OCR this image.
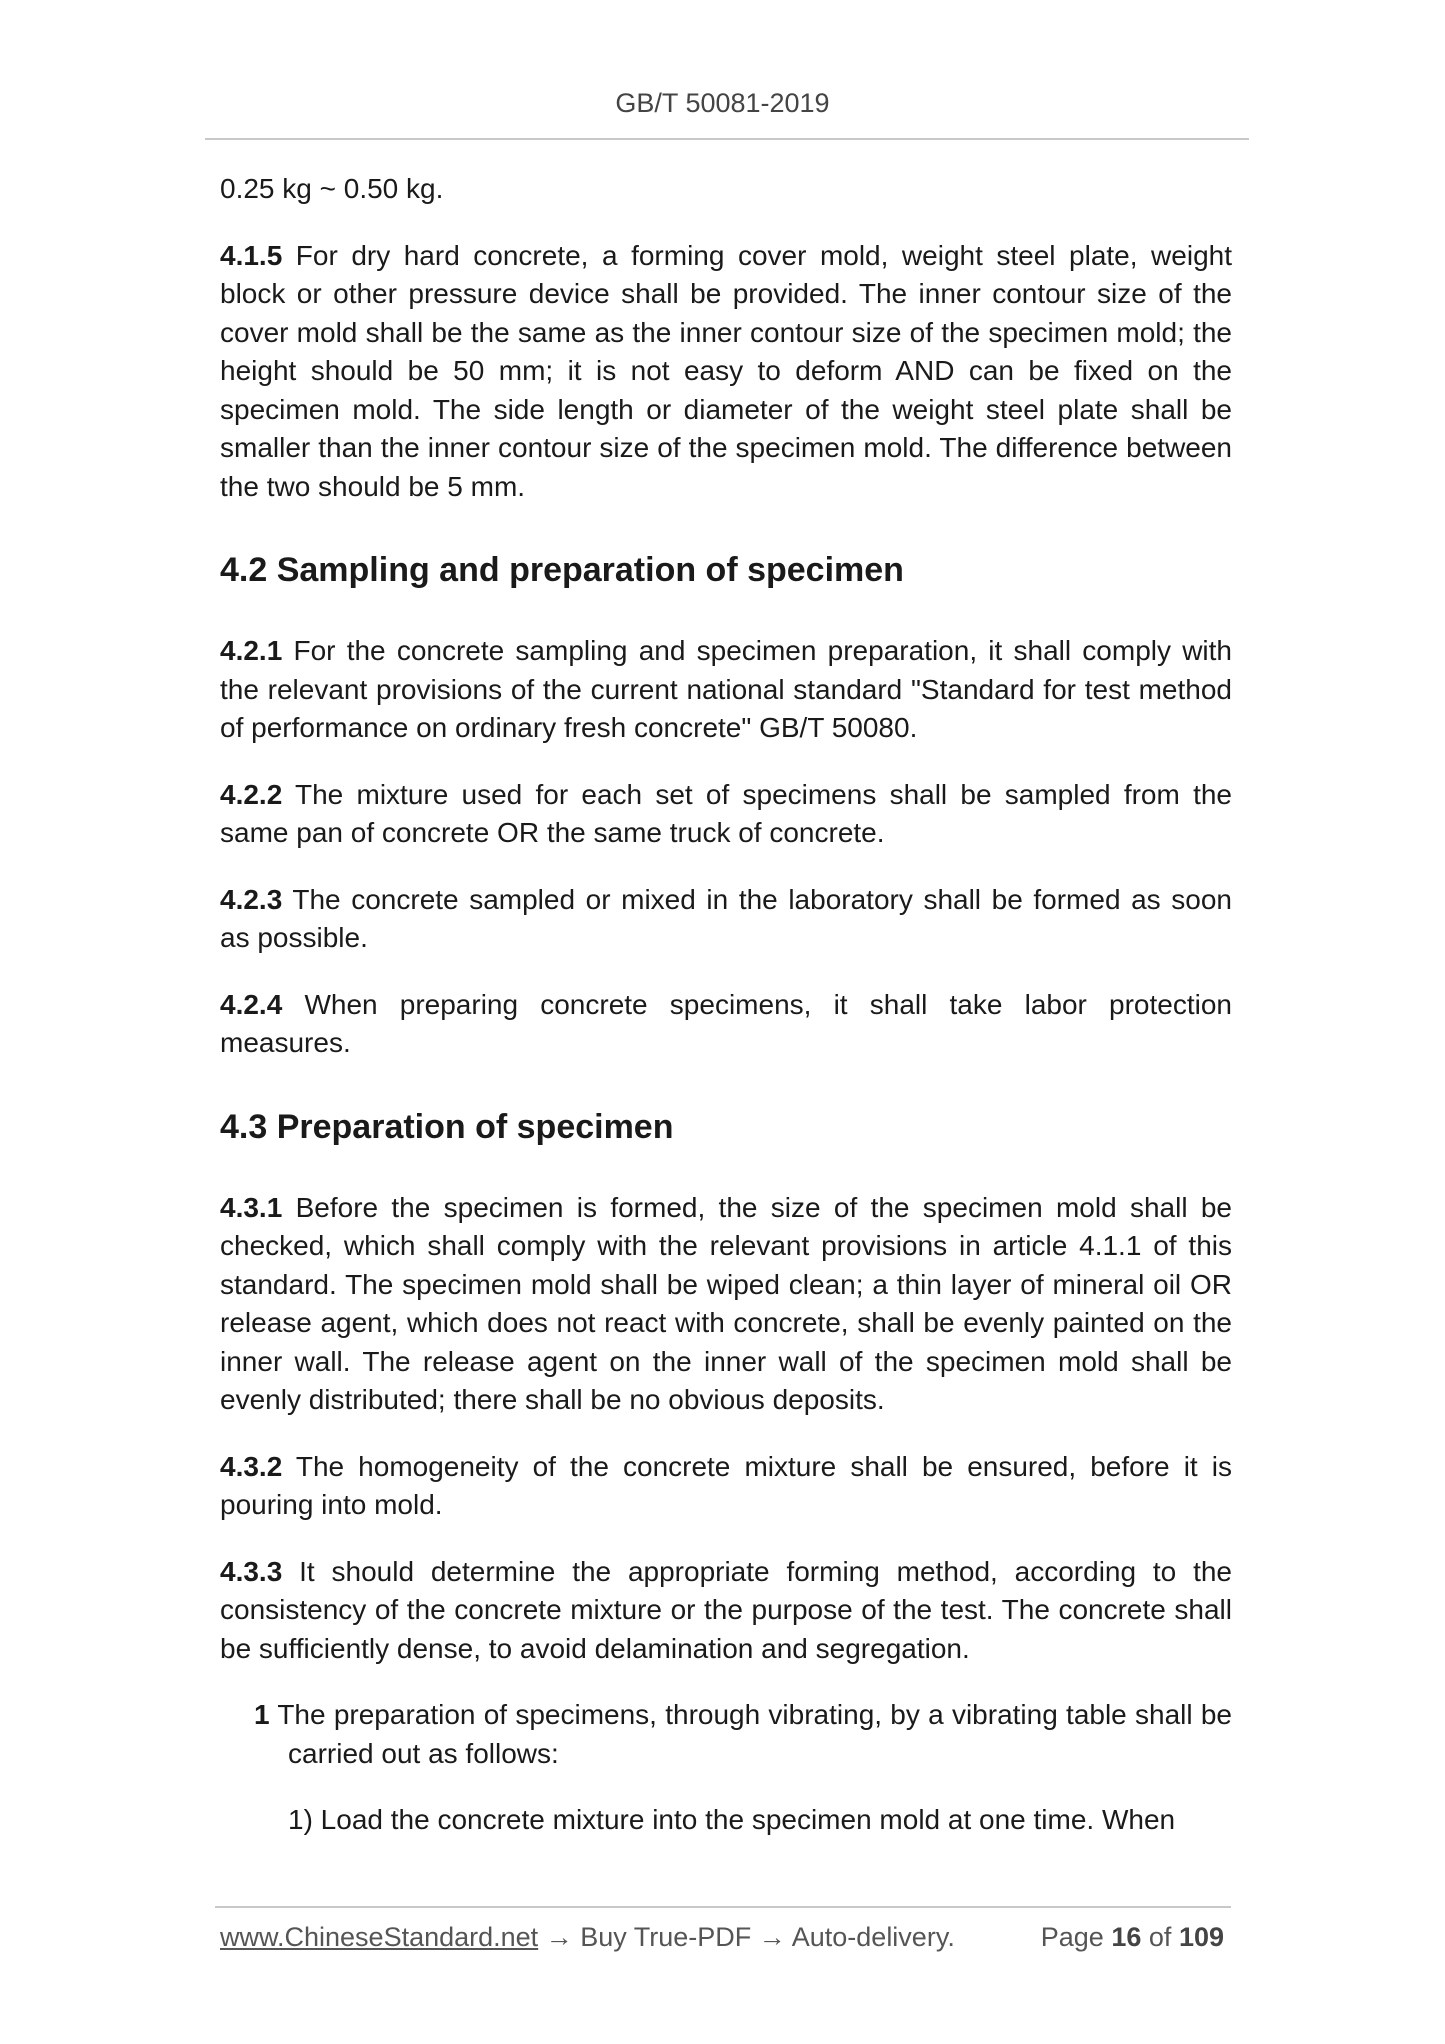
GB/T 50081-2019

0.25 kg ~ 0.50 kg.

4.1.5 For dry hard concrete, a forming cover mold, weight steel plate, weight block or other pressure device shall be provided. The inner contour size of the cover mold shall be the same as the inner contour size of the specimen mold; the height should be 50 mm; it is not easy to deform AND can be fixed on the specimen mold. The side length or diameter of the weight steel plate shall be smaller than the inner contour size of the specimen mold. The difference between the two should be 5 mm.

4.2 Sampling and preparation of specimen

4.2.1 For the concrete sampling and specimen preparation, it shall comply with the relevant provisions of the current national standard "Standard for test method of performance on ordinary fresh concrete" GB/T 50080.

4.2.2 The mixture used for each set of specimens shall be sampled from the same pan of concrete OR the same truck of concrete.

4.2.3 The concrete sampled or mixed in the laboratory shall be formed as soon as possible.

4.2.4 When preparing concrete specimens, it shall take labor protection measures.

4.3 Preparation of specimen

4.3.1 Before the specimen is formed, the size of the specimen mold shall be checked, which shall comply with the relevant provisions in article 4.1.1 of this standard. The specimen mold shall be wiped clean; a thin layer of mineral oil OR release agent, which does not react with concrete, shall be evenly painted on the inner wall. The release agent on the inner wall of the specimen mold shall be evenly distributed; there shall be no obvious deposits.

4.3.2 The homogeneity of the concrete mixture shall be ensured, before it is pouring into mold.

4.3.3 It should determine the appropriate forming method, according to the consistency of the concrete mixture or the purpose of the test. The concrete shall be sufficiently dense, to avoid delamination and segregation.

1 The preparation of specimens, through vibrating, by a vibrating table shall be carried out as follows:

1) Load the concrete mixture into the specimen mold at one time. When

www.ChineseStandard.net → Buy True-PDF → Auto-delivery.	Page 16 of 109
